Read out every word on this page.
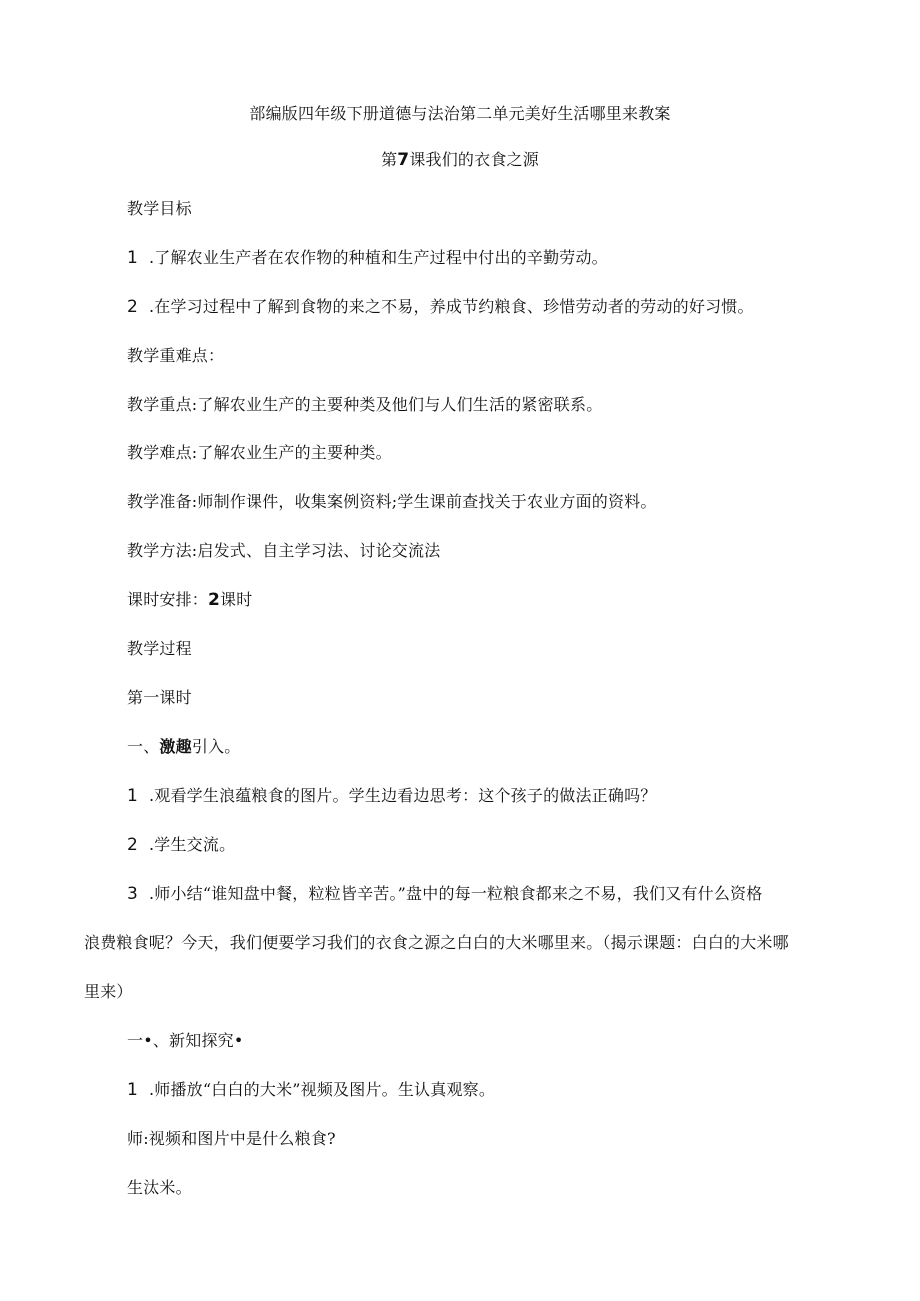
部编版四年级下册道德与法治第二单元美好生活哪里来教案
第7课我们的衣食之源
教学目标
1 .了解农业生产者在农作物的种植和生产过程中付出的辛勤劳动。
2 .在学习过程中了解到食物的来之不易，养成节约粮食、珍惜劳动者的劳动的好习惯。
教学重难点：
教学重点:了解农业生产的主要种类及他们与人们生活的紧密联系。
教学难点:了解农业生产的主要种类。
教学准备:师制作课件，收集案例资料;学生课前查找关于农业方面的资料。
教学方法:启发式、自主学习法、讨论交流法
课时安排：2课时
教学过程
第一课时
一、激趣引入。
1 .观看学生浪蕴粮食的图片。学生边看边思考：这个孩子的做法正确吗？
2 .学生交流。
3 .师小结“谁知盘中餐，粒粒皆辛苦。”盘中的每一粒粮食都来之不易，我们又有什么资格
浪费粮食呢？今天，我们便要学习我们的衣食之源之白白的大米哪里来。（揭示课题：白白的大米哪
里来）
一•、新知探究•
1 .师播放“白白的大米”视频及图片。生认真观察。
师:视频和图片中是什么粮食?
生汰米。
